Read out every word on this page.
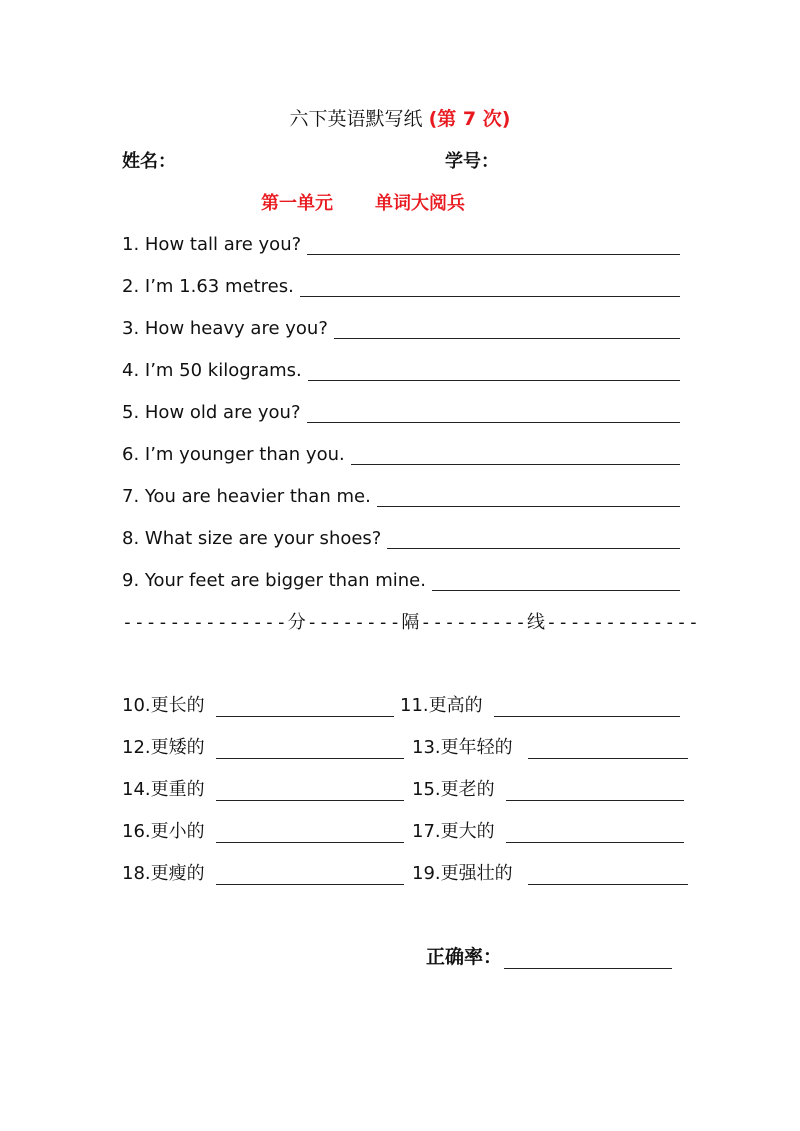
六下英语默写纸 (第 7 次)
姓名：	学号：
第一单元 单词大阅兵
1. How tall are you?
2. I’m 1.63 metres.
3. How heavy are you?
4. I’m 50 kilograms.
5. How old are you?
6. I’m younger than you.
7. You are heavier than me.
8. What size are your shoes?
9. Your feet are bigger than mine.
--------------分--------隔---------线-------------
10.更长的	11.更高的
12.更矮的	13.更年轻的
14.更重的	15.更老的
16.更小的	17.更大的
18.更瘦的	19.更强壮的
正确率：
